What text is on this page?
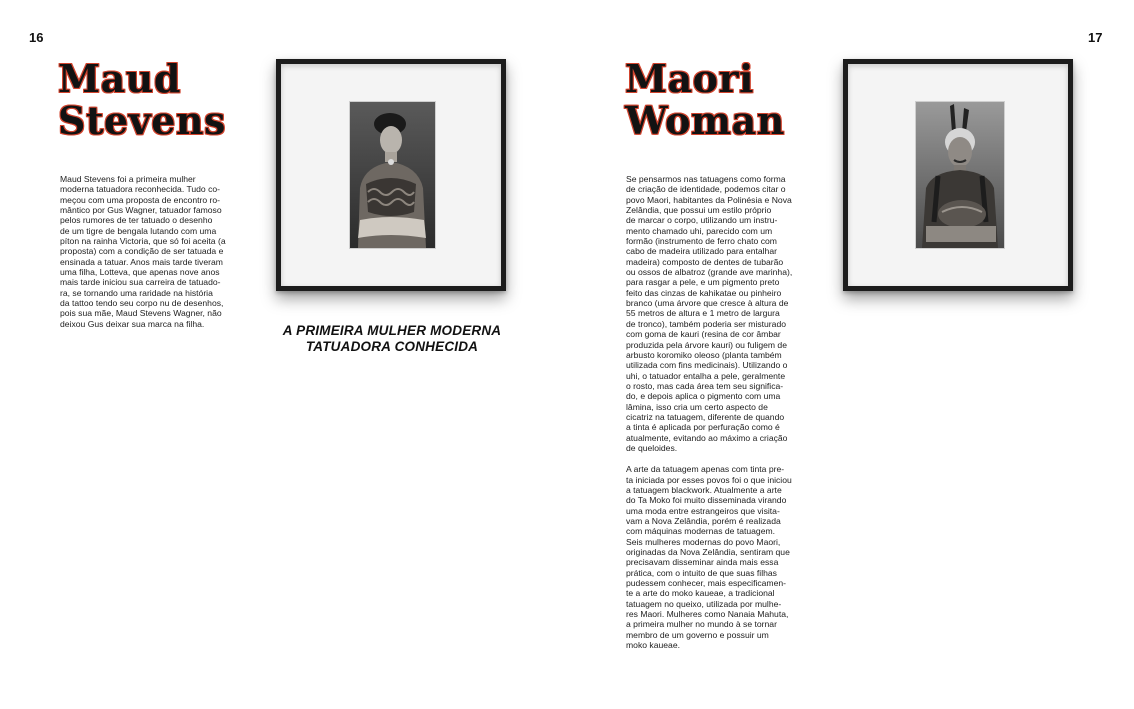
16
Maud
Stevens
Maud Stevens foi a primeira mulher
moderna tatuadora reconhecida. Tudo co-
meçou com uma proposta de encontro ro-
mântico por Gus Wagner, tatuador famoso
pelos rumores de ter tatuado o desenho
de um tigre de bengala lutando com uma
píton na rainha Victoria, que só foi aceita (a
proposta) com a condição de ser tatuada e
ensinada a tatuar. Anos mais tarde tiveram
uma filha, Lotteva, que apenas nove anos
mais tarde iniciou sua carreira de tatuado-
ra, se tornando uma raridade na história
da tattoo tendo seu corpo nu de desenhos,
pois sua mãe, Maud Stevens Wagner, não
deixou Gus deixar sua marca na filha.	A PRIMEIRA MULHER MODERNA
TATUADORA CONHECIDA
17
Maori
Woman

Se pensarmos nas tatuagens como forma
de criação de identidade, podemos citar o
povo Maori, habitantes da Polinésia e Nova
Zelândia, que possui um estilo próprio
de marcar o corpo, utilizando um instru-
mento chamado uhi, parecido com um
formão (instrumento de ferro chato com
cabo de madeira utilizado para entalhar
madeira) composto de dentes de tubarão
ou ossos de albatroz (grande ave marinha),
para rasgar a pele, e um pigmento preto
feito das cinzas de kahikatae ou pinheiro
branco (uma árvore que cresce à altura de
55 metros de altura e 1 metro de largura
de tronco), também poderia ser misturado
com goma de kauri (resina de cor âmbar
produzida pela árvore kauri) ou fuligem de
arbusto koromiko oleoso (planta também
utilizada com fins medicinais). Utilizando o
uhi, o tatuador entalha a pele, geralmente
o rosto, mas cada área tem seu significa-
do, e depois aplica o pigmento com uma
lâmina, isso cria um certo aspecto de
cicatriz na tatuagem, diferente de quando
a tinta é aplicada por perfuração como é
atualmente, evitando ao máximo a criação
de queloides.

A arte da tatuagem apenas com tinta pre-
ta iniciada por esses povos foi o que iniciou
a tatuagem blackwork. Atualmente a arte
do Ta Moko foi muito disseminada virando
uma moda entre estrangeiros que visita-
vam a Nova Zelândia, porém é realizada
com máquinas modernas de tatuagem.
Seis mulheres modernas do povo Maori,
originadas da Nova Zelândia, sentiram que
precisavam disseminar ainda mais essa
prática, com o intuito de que suas filhas
pudessem conhecer, mais especificamen-
te a arte do moko kaueae, a tradicional
tatuagem no queixo, utilizada por mulhe-
res Maori. Mulheres como Nanaia Mahuta,
a primeira mulher no mundo à se tornar
membro de um governo e possuir um
moko kaueae.
